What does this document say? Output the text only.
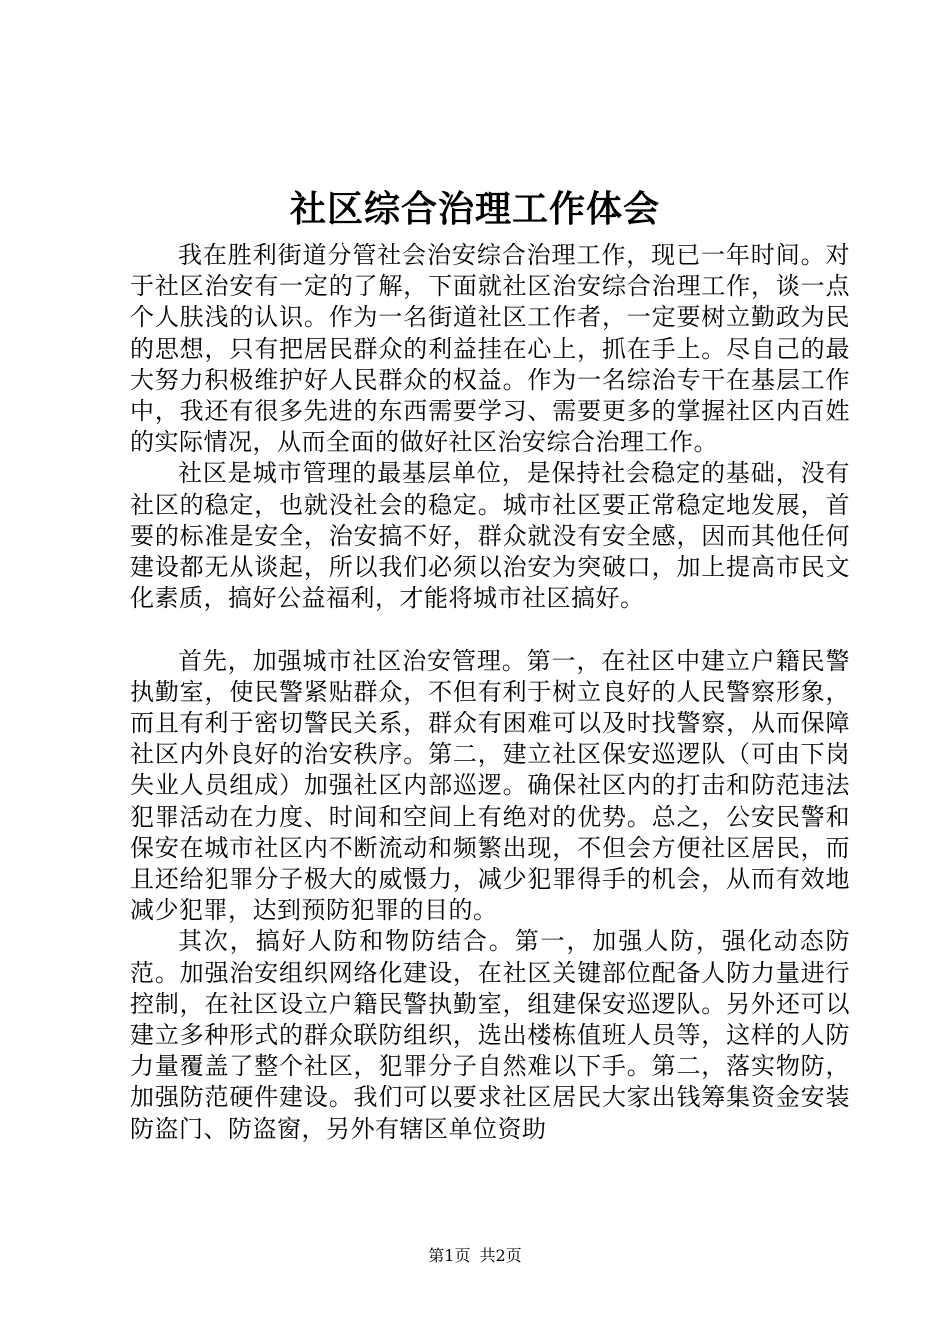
社区综合治理工作体会

我在胜利街道分管社会治安综合治理工作，现已一年时间。对于社区治安有一定的了解，下面就社区治安综合治理工作，谈一点个人肤浅的认识。作为一名街道社区工作者，一定要树立勤政为民的思想，只有把居民群众的利益挂在心上，抓在手上。尽自己的最大努力积极维护好人民群众的权益。作为一名综治专干在基层工作中，我还有很多先进的东西需要学习、需要更多的掌握社区内百姓的实际情况，从而全面的做好社区治安综合治理工作。

社区是城市管理的最基层单位，是保持社会稳定的基础，没有社区的稳定，也就没社会的稳定。城市社区要正常稳定地发展，首要的标准是安全，治安搞不好，群众就没有安全感，因而其他任何建设都无从谈起，所以我们必须以治安为突破口，加上提高市民文化素质，搞好公益福利，才能将城市社区搞好。

首先，加强城市社区治安管理。第一，在社区中建立户籍民警执勤室，使民警紧贴群众，不但有利于树立良好的人民警察形象，而且有利于密切警民关系，群众有困难可以及时找警察，从而保障社区内外良好的治安秩序。第二，建立社区保安巡逻队（可由下岗失业人员组成）加强社区内部巡逻。确保社区内的打击和防范违法犯罪活动在力度、时间和空间上有绝对的优势。总之，公安民警和保安在城市社区内不断流动和频繁出现，不但会方便社区居民，而且还给犯罪分子极大的威慑力，减少犯罪得手的机会，从而有效地减少犯罪，达到预防犯罪的目的。

其次，搞好人防和物防结合。第一，加强人防，强化动态防范。加强治安组织网络化建设，在社区关键部位配备人防力量进行控制，在社区设立户籍民警执勤室，组建保安巡逻队。另外还可以建立多种形式的群众联防组织，选出楼栋值班人员等，这样的人防力量覆盖了整个社区，犯罪分子自然难以下手。第二，落实物防，加强防范硬件建设。我们可以要求社区居民大家出钱筹集资金安装防盗门、防盗窗，另外有辖区单位资助

第1页 共2页
